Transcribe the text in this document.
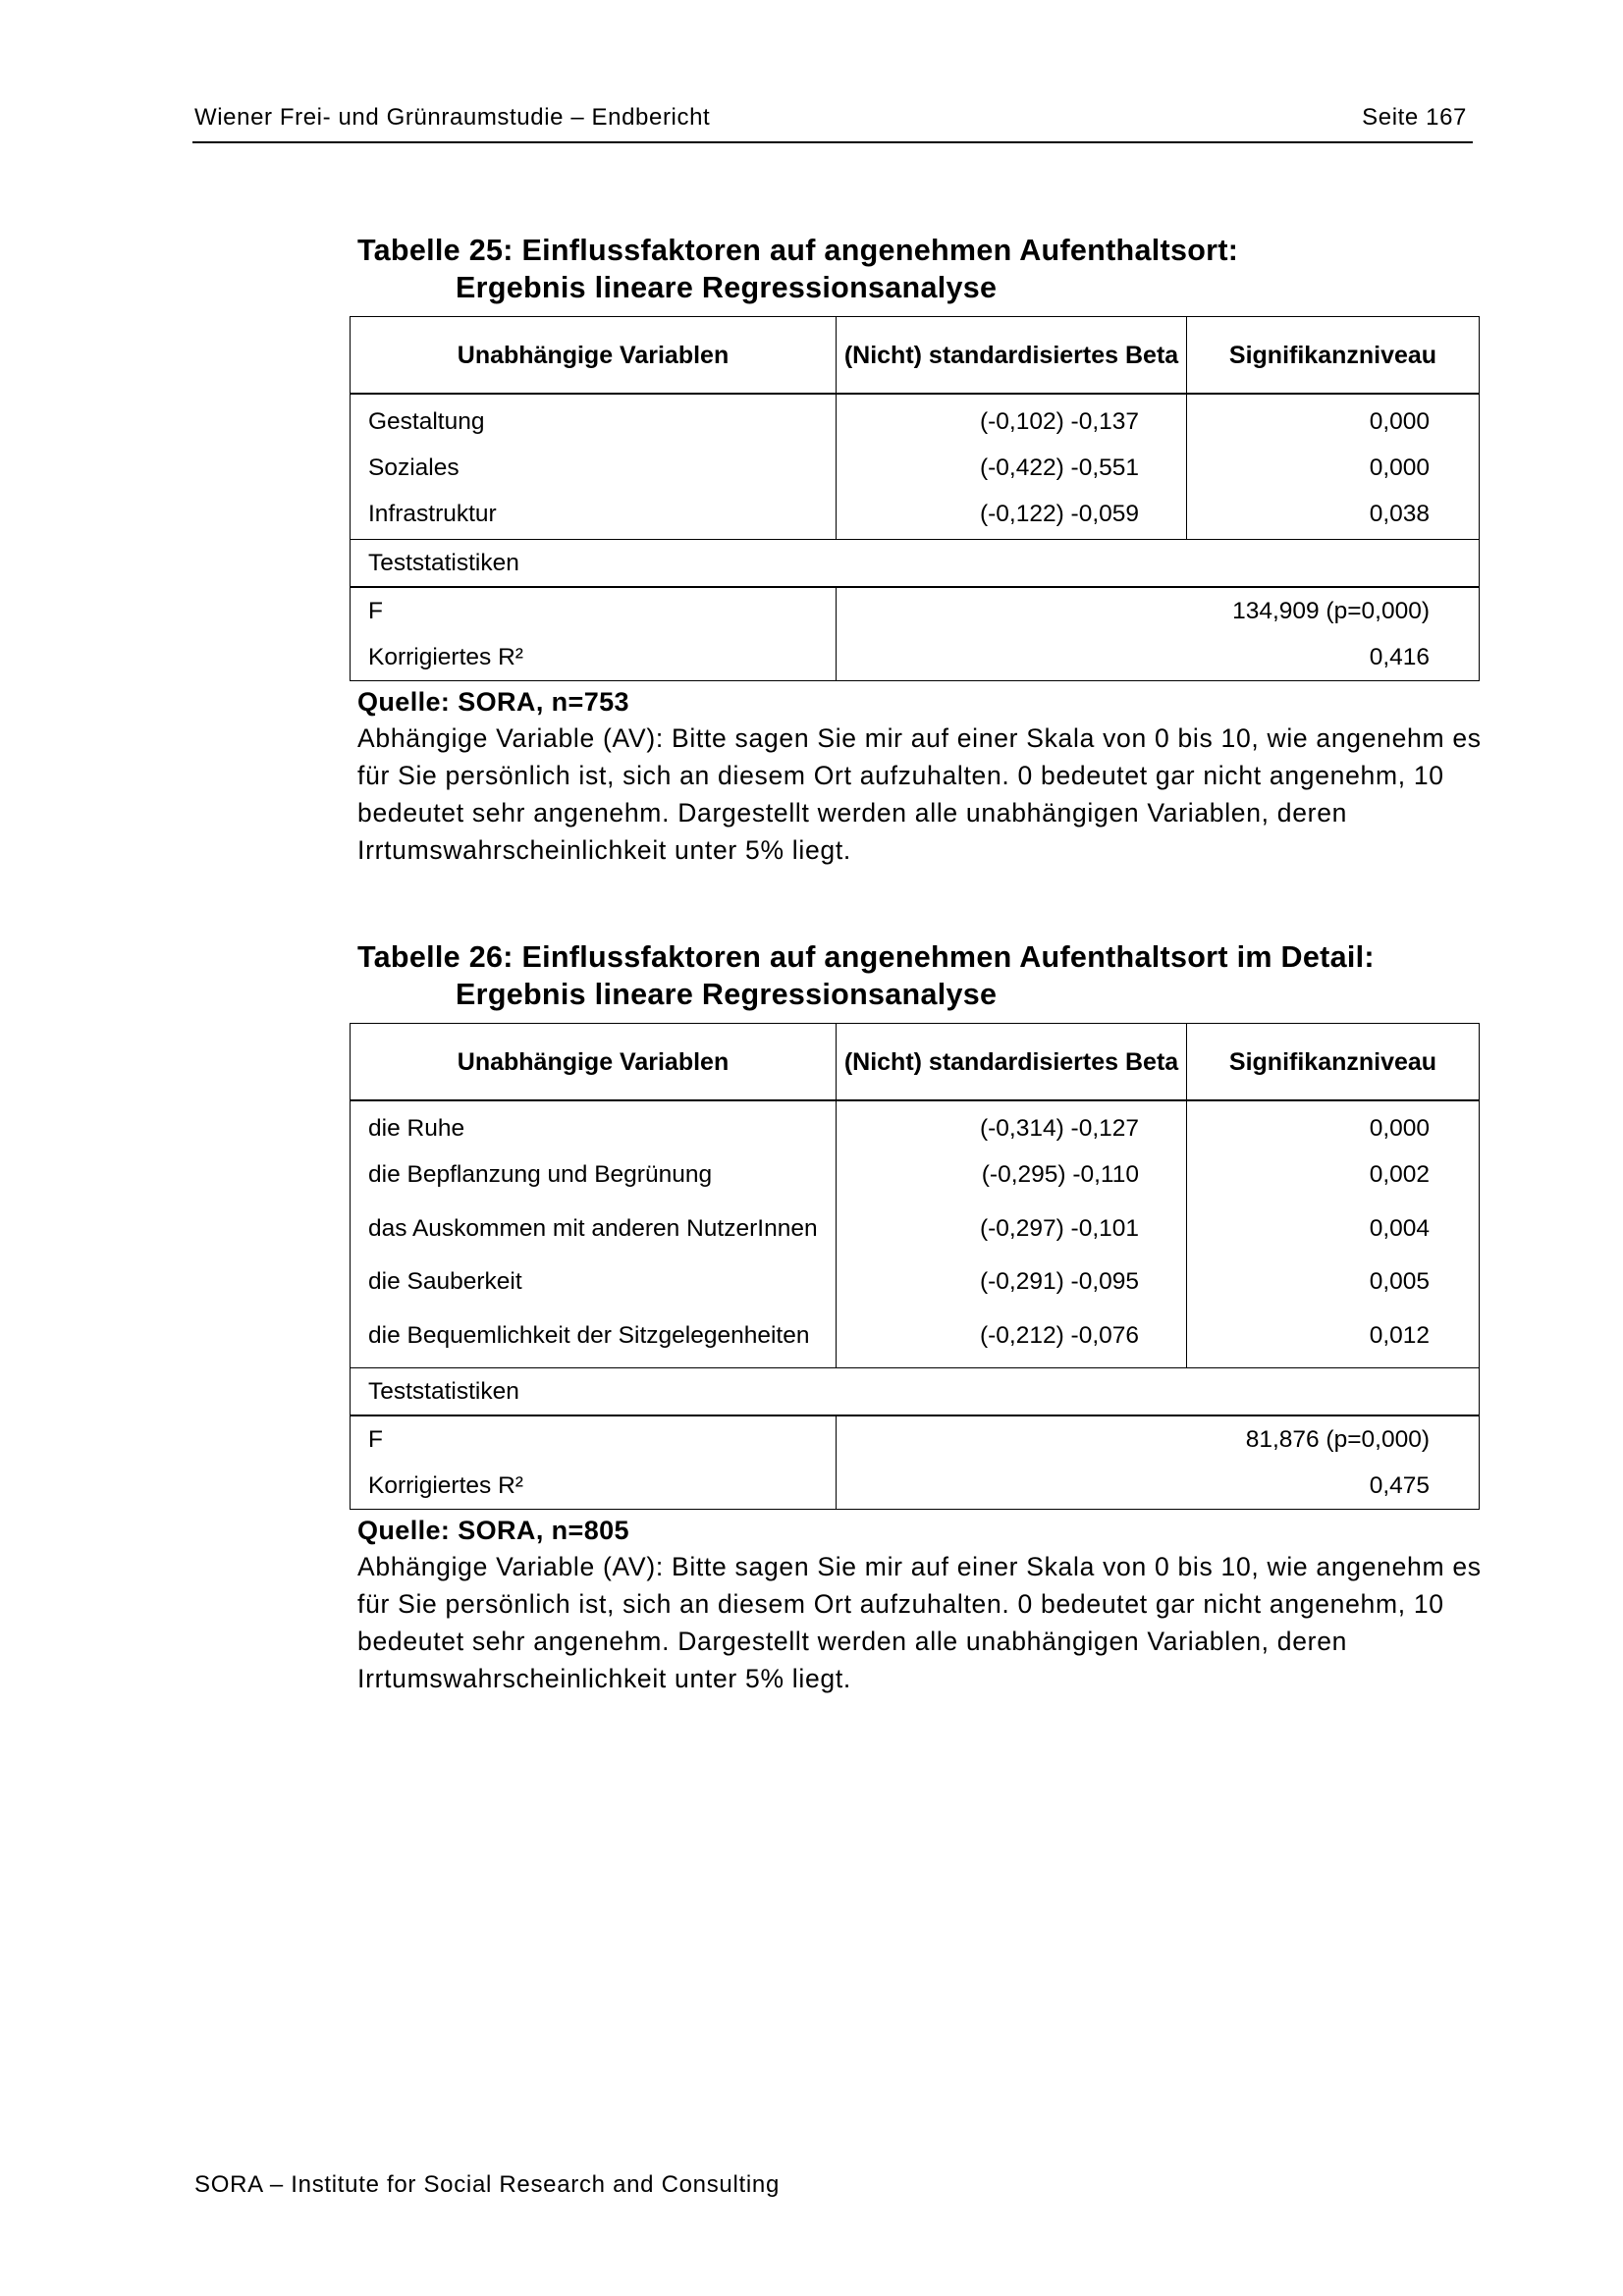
Wiener Frei- und Grünraumstudie – Endbericht	Seite 167
Tabelle 25: Einflussfaktoren auf angenehmen Aufenthaltsort:
Ergebnis lineare Regressionsanalyse
Unabhängige Variablen	(Nicht) standardisiertes Beta	Signifikanzniveau
Gestaltung	(-0,102) -0,137	0,000
Soziales	(-0,422) -0,551	0,000
Infrastruktur	(-0,122) -0,059	0,038
Teststatistiken		
F	134,909 (p=0,000)	
Korrigiertes R²	0,416	
Quelle: SORA, n=753
Abhängige Variable (AV): Bitte sagen Sie mir auf einer Skala von 0 bis 10, wie angenehm es für Sie persönlich ist, sich an diesem Ort aufzuhalten. 0 bedeutet gar nicht angenehm, 10 bedeutet sehr angenehm. Dargestellt werden alle unabhängigen Variablen, deren Irrtumswahrscheinlichkeit unter 5% liegt.
Tabelle 26: Einflussfaktoren auf angenehmen Aufenthaltsort im Detail:
Ergebnis lineare Regressionsanalyse
Unabhängige Variablen	(Nicht) standardisiertes Beta	Signifikanzniveau
die Ruhe	(-0,314) -0,127	0,000
die Bepflanzung und Begrünung	(-0,295) -0,110	0,002
das Auskommen mit anderen NutzerInnen	(-0,297) -0,101	0,004
die Sauberkeit	(-0,291) -0,095	0,005
die Bequemlichkeit der Sitzgelegenheiten	(-0,212) -0,076	0,012
Teststatistiken		
F	81,876 (p=0,000)	
Korrigiertes R²	0,475	
Quelle: SORA, n=805
Abhängige Variable (AV): Bitte sagen Sie mir auf einer Skala von 0 bis 10, wie angenehm es für Sie persönlich ist, sich an diesem Ort aufzuhalten. 0 bedeutet gar nicht angenehm, 10 bedeutet sehr angenehm. Dargestellt werden alle unabhängigen Variablen, deren Irrtumswahrscheinlichkeit unter 5% liegt.
SORA – Institute for Social Research and Consulting
